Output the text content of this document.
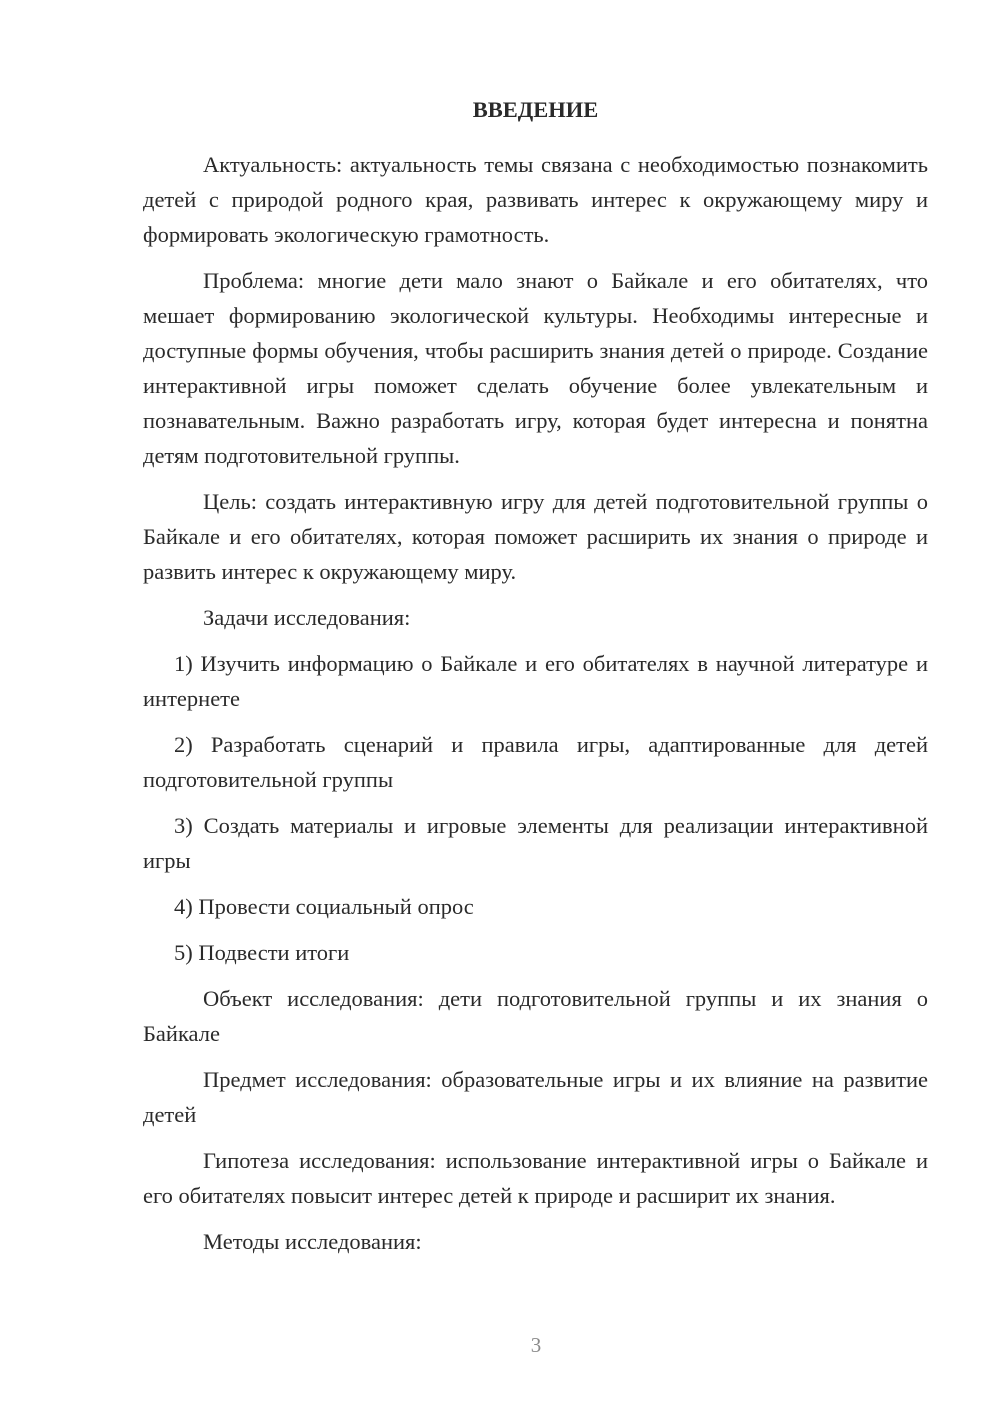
ВВЕДЕНИЕ

Актуальность: актуальность темы связана с необходимостью познакомить детей с природой родного края, развивать интерес к окружающему миру и формировать экологическую грамотность.

Проблема: многие дети мало знают о Байкале и его обитателях, что мешает формированию экологической культуры. Необходимы интересные и доступные формы обучения, чтобы расширить знания детей о природе. Создание интерактивной игры поможет сделать обучение более увлекательным и познавательным. Важно разработать игру, которая будет интересна и понятна детям подготовительной группы.

Цель: создать интерактивную игру для детей подготовительной группы о Байкале и его обитателях, которая поможет расширить их знания о природе и развить интерес к окружающему миру.

Задачи исследования:

1) Изучить информацию о Байкале и его обитателях в научной литературе и интернете

2) Разработать сценарий и правила игры, адаптированные для детей подготовительной группы

3) Создать материалы и игровые элементы для реализации интерактивной игры

4) Провести социальный опрос

5) Подвести итоги

Объект исследования: дети подготовительной группы и их знания о Байкале

Предмет исследования: образовательные игры и их влияние на развитие детей

Гипотеза исследования: использование интерактивной игры о Байкале и его обитателях повысит интерес детей к природе и расширит их знания.

Методы исследования:

3
